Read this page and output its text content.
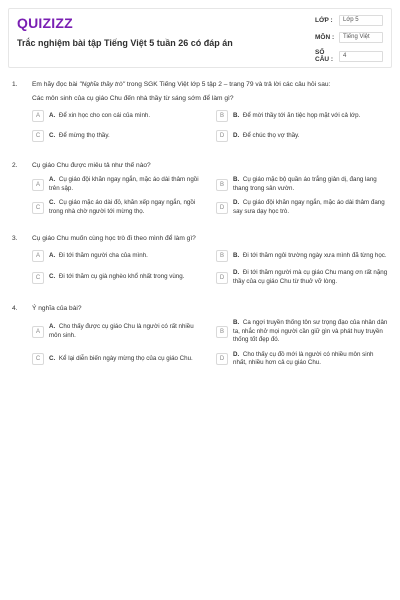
QUIZIZZ
Trắc nghiệm bài tập Tiếng Việt 5 tuần 26 có đáp án
LỚP :	Lớp 5
MÔN :	Tiếng Việt
SỐ CÂU :
4
1.	Em hãy đọc bài "Nghĩa thầy trò" trong SGK Tiếng Việt lớp 5 tập 2 – trang 79 và trả lời các câu hỏi sau:
Các môn sinh của cụ giáo Chu đến nhà thầy từ sáng sớm để làm gì?
A	A. Để xin học cho con cái của mình.	B	B. Để mời thầy tới ăn tiệc họp mặt với cả lớp.
C	C. Để mừng thọ thầy.	D	D. Để chúc thọ vợ thầy.
2.	Cụ giáo Chu được miêu tả như thế nào?
A
A. Cụ giáo đội khăn ngay ngắn, mặc áo dài thâm ngồi trên sập.	B
B. Cụ giáo mặc bộ quần áo trắng giản dị, đang lang thang trong sân vườn.
C
C. Cụ giáo mặc áo dài đỏ, khăn xếp ngay ngắn, ngồi trong nhà chờ người tới mừng thọ.	D
D. Cụ giáo đội khăn ngay ngắn, mặc áo dài thâm đang say sưa dạy học trò.
3.	Cụ giáo Chu muốn cùng học trò đi theo mình để làm gì?
A	A. Đi tới thăm người cha của mình.	B	B. Đi tới thăm ngôi trường ngày xưa mình đã từng học.
C	C. Đi tới thăm cụ già nghèo khổ nhất trong vùng.	D
D. Đi tới thăm người mà cụ giáo Chu mang ơn rất nặng thầy của cụ giáo Chu từ thuở vỡ lòng.
4.	Ý nghĩa của bài?
A
A. Cho thấy được cụ giáo Chu là người có rất nhiều môn sinh.	B
B. Ca ngợi truyền thống tôn sư trọng đạo của nhân dân ta, nhắc nhở mọi người cần giữ gìn và phát huy truyền thống tốt đẹp đó.
C	C. Kể lại diễn biến ngày mừng thọ của cụ giáo Chu.	D
D. Cho thấy cụ đồ mới là người có nhiều môn sinh nhất, nhiều hơn cả cụ giáo Chu.
